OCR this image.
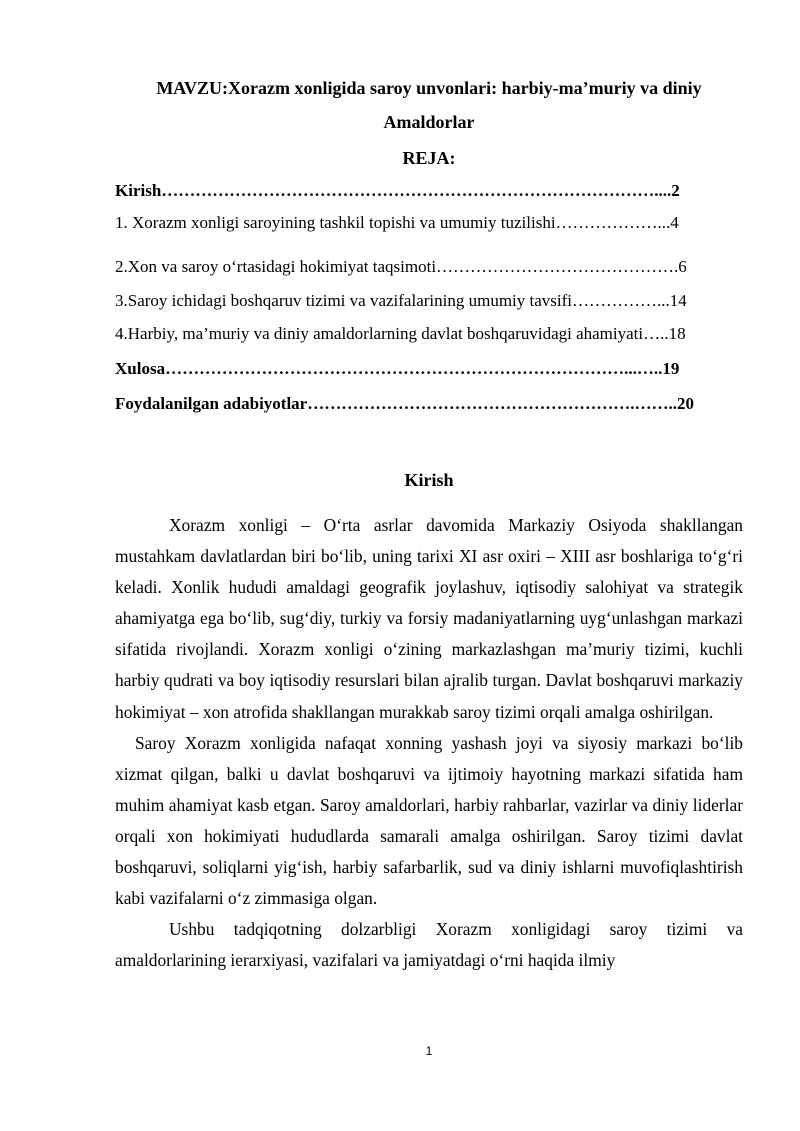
MAVZU:Xorazm xonligida saroy unvonlari: harbiy-ma’muriy va diniy
Amaldorlar
REJA:

Kirish……………………………………………………………………………....2

1. Xorazm xonligi saroyining tashkil topishi va umumiy tuzilishi………………...4

2.Xon va saroy o‘rtasidagi hokimiyat taqsimoti…………………………………….6

3.Saroy ichidagi boshqaruv tizimi va vazifalarining umumiy tavsifi……………...14

4.Harbiy, ma’muriy va diniy amaldorlarning davlat boshqaruvidagi ahamiyati…..18

Xulosa………………………………………………………………………...…..19

Foydalanilgan adabiyotlar………………………………………………….……..20

Kirish

Xorazm xonligi – O‘rta asrlar davomida Markaziy Osiyoda shakllangan mustahkam davlatlardan biri bo‘lib, uning tarixi XI asr oxiri – XIII asr boshlariga to‘g‘ri keladi. Xonlik hududi amaldagi geografik joylashuv, iqtisodiy salohiyat va strategik ahamiyatga ega bo‘lib, sug‘diy, turkiy va forsiy madaniyatlarning uyg‘unlashgan markazi sifatida rivojlandi. Xorazm xonligi o‘zining markazlashgan ma’muriy tizimi, kuchli harbiy qudrati va boy iqtisodiy resurslari bilan ajralib turgan. Davlat boshqaruvi markaziy hokimiyat – xon atrofida shakllangan murakkab saroy tizimi orqali amalga oshirilgan.

Saroy Xorazm xonligida nafaqat xonning yashash joyi va siyosiy markazi bo‘lib xizmat qilgan, balki u davlat boshqaruvi va ijtimoiy hayotning markazi sifatida ham muhim ahamiyat kasb etgan. Saroy amaldorlari, harbiy rahbarlar, vazirlar va diniy liderlar orqali xon hokimiyati hududlarda samarali amalga oshirilgan. Saroy tizimi davlat boshqaruvi, soliqlarni yig‘ish, harbiy safarbarlik, sud va diniy ishlarni muvofiqlashtirish kabi vazifalarni o‘z zimmasiga olgan.

Ushbu tadqiqotning dolzarbligi Xorazm xonligidagi saroy tizimi va amaldorlarining ierarxiyasi, vazifalari va jamiyatdagi o‘rni haqida ilmiy

1
